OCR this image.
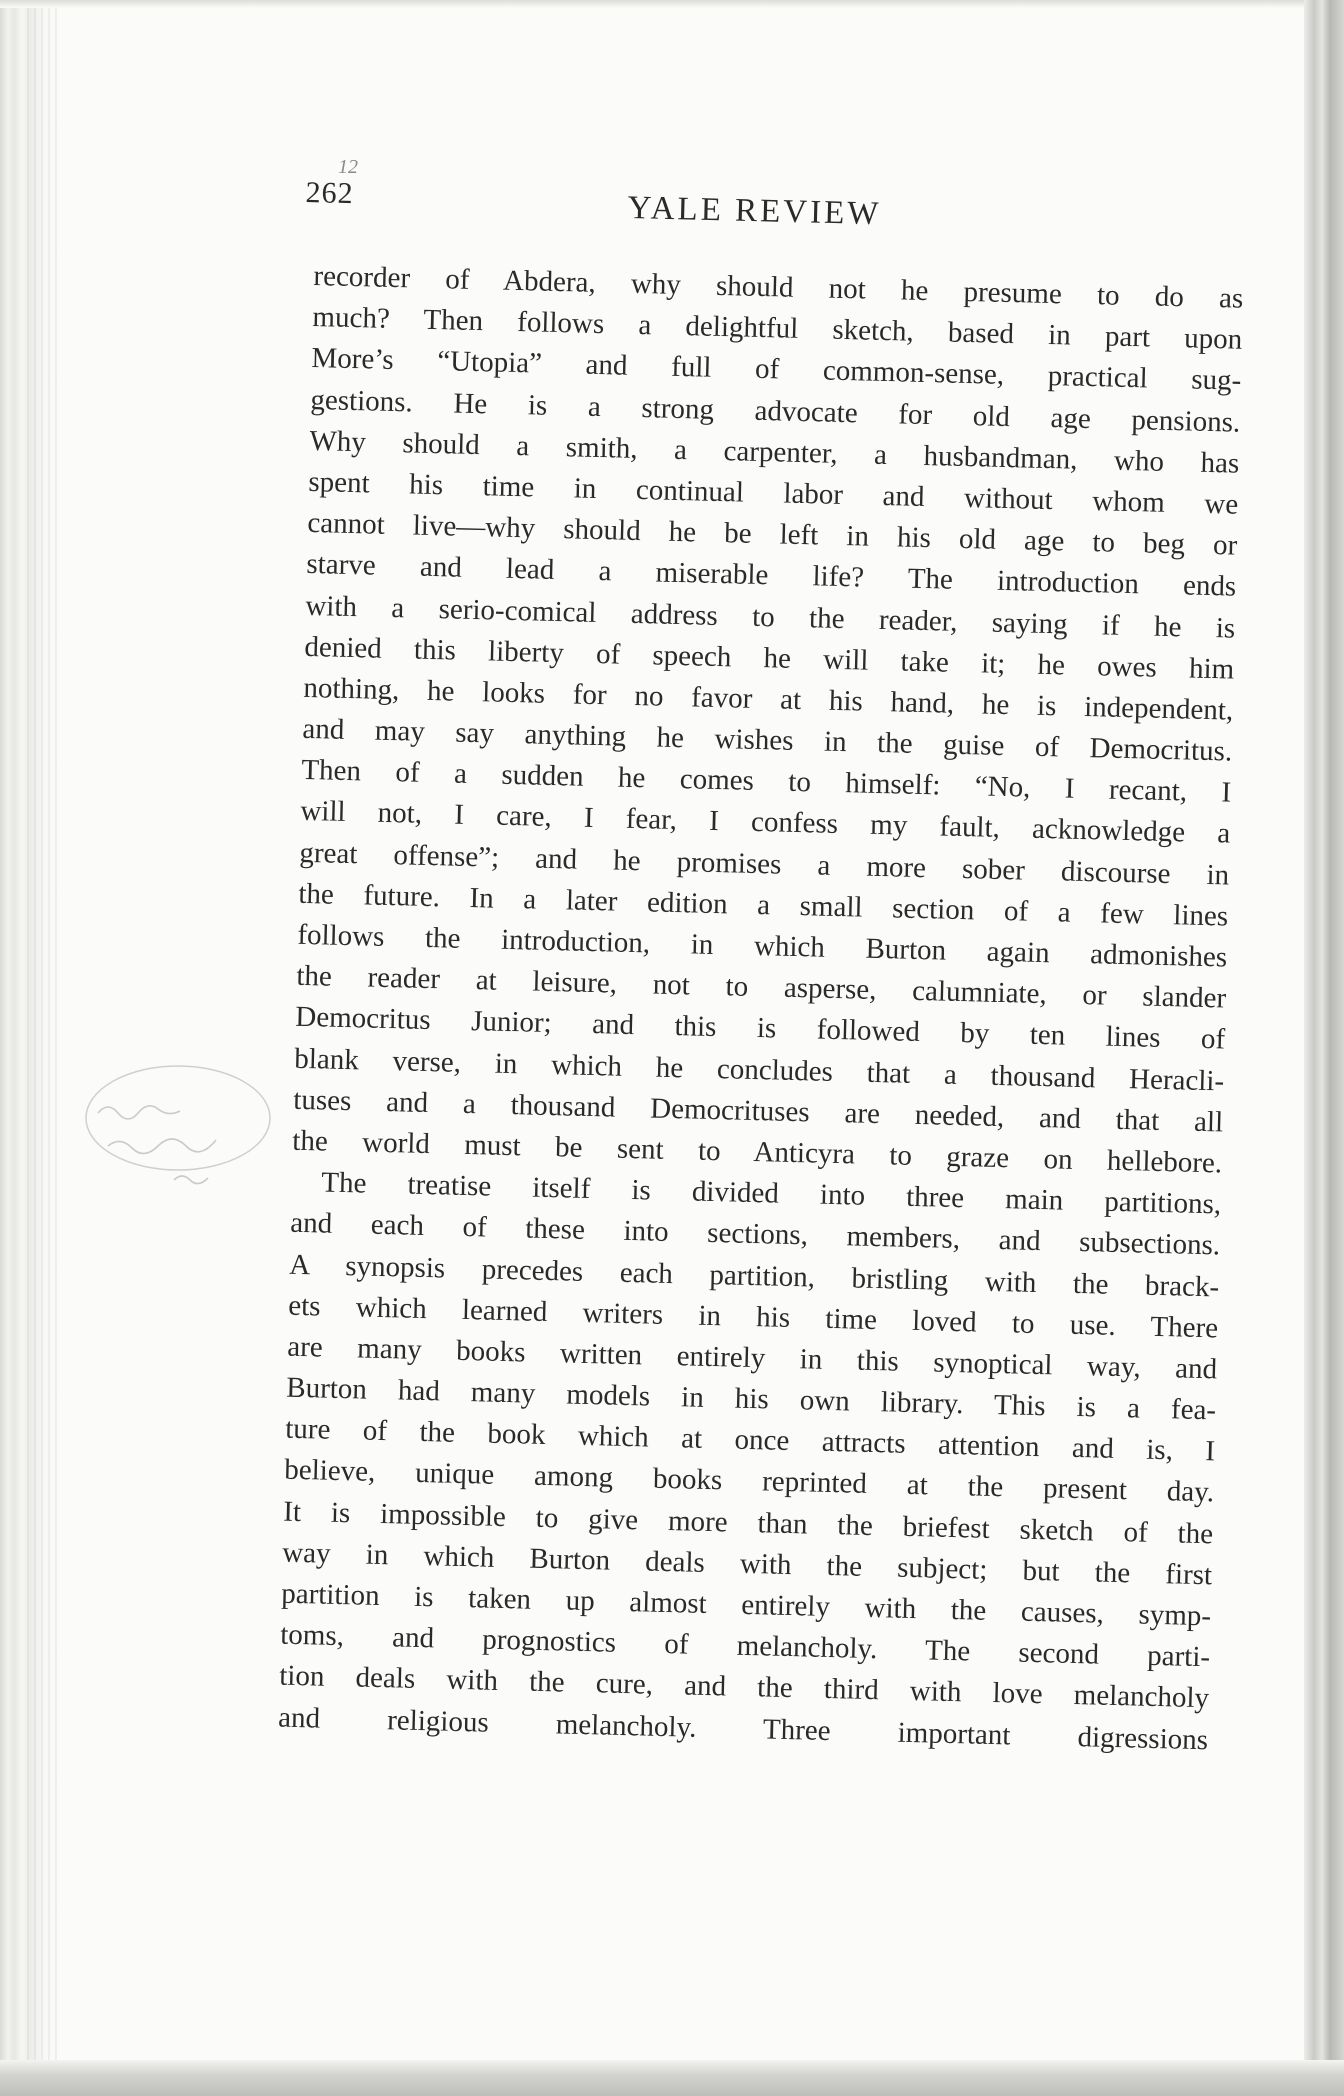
12
262	YALE REVIEW
recorder of Abdera, why should not he presume to do as
much? Then follows a delightful sketch, based in part upon
More’s “Utopia” and full of common-sense, practical sug-
gestions. He is a strong advocate for old age pensions.
Why should a smith, a carpenter, a husbandman, who has
spent his time in continual labor and without whom we
cannot live—why should he be left in his old age to beg or
starve and lead a miserable life? The introduction ends
with a serio-comical address to the reader, saying if he is
denied this liberty of speech he will take it; he owes him
nothing, he looks for no favor at his hand, he is independent,
and may say anything he wishes in the guise of Democritus.
Then of a sudden he comes to himself: “No, I recant, I
will not, I care, I fear, I confess my fault, acknowledge a
great offense”; and he promises a more sober discourse in
the future. In a later edition a small section of a few lines
follows the introduction, in which Burton again admonishes
the reader at leisure, not to asperse, calumniate, or slander
Democritus Junior; and this is followed by ten lines of
blank verse, in which he concludes that a thousand Heracli-
tuses and a thousand Democrituses are needed, and that all
the world must be sent to Anticyra to graze on hellebore.
The treatise itself is divided into three main partitions,
and each of these into sections, members, and subsections.
A synopsis precedes each partition, bristling with the brack-
ets which learned writers in his time loved to use. There
are many books written entirely in this synoptical way, and
Burton had many models in his own library. This is a fea-
ture of the book which at once attracts attention and is, I
believe, unique among books reprinted at the present day.
It is impossible to give more than the briefest sketch of the
way in which Burton deals with the subject; but the first
partition is taken up almost entirely with the causes, symp-
toms, and prognostics of melancholy. The second parti-
tion deals with the cure, and the third with love melancholy
and religious melancholy. Three important digressions
